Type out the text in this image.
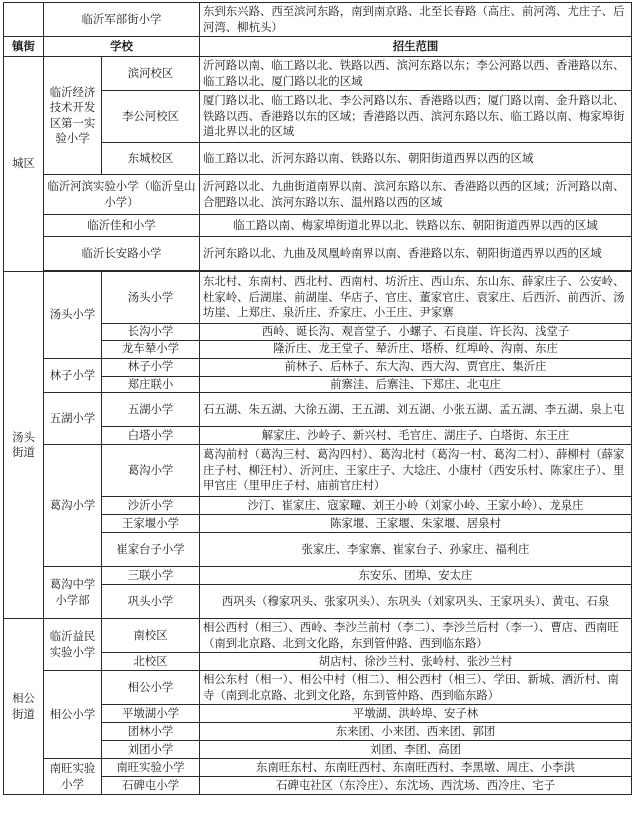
	临沂军部街小学		东到东兴路、西至滨河东路，南到南京路、北至长春路（高庄、前河湾、尤庄子、后河湾、柳杭头）
镇街	学校		招生范围
城区	临沂经济技术开发区第一实验小学	滨河校区	沂河路以南、临工路以北、铁路以西、滨河东路以东；李公河路以西、香港路以东、临工路以北、厦门路以北的区域
		李公河校区	厦门路以北、临工路以北、李公河路以东、香港路以西；厦门路以南、金升路以北、铁路以西、香港路以东的区域；香港路以西、滨河东路以东、临工路以南、梅家埠街道北界以北的区域
		东城校区	临工路以北、沂河东路以南、铁路以东、朝阳街道西界以西的区域
	临沂河滨实验小学（临沂皇山小学）		沂河路以北、九曲街道南界以南、滨河东路以东、香港路以西的区域；沂河路以南、合肥路以北、滨河东路以东、温州路以西的区域
	临沂佳和小学		临工路以南、梅家埠街道北界以北、铁路以东、朝阳街道西界以西的区域
	临沂长安路小学		沂河东路以北、九曲及凤凰岭南界以南、香港路以东、朝阳街道西界以西的区域

汤头街道	汤头小学	汤头小学	东北村、东南村、西北村、西南村、坊沂庄、西山东、东山东、薛家庄子、公安岭、杜家岭、后湖崖、前湖崖、华店子、官庄、董家官庄、袁家庄、后西沂、前西沂、汤坊崖、上郑庄、泉沂庄、乔家庄、小王庄、尹家寨
		长沟小学	西岭、诞长沟、观音堂子、小螺子、石良崖、许长沟、浅堂子
		龙车辇小学	隆沂庄、龙王堂子、辇沂庄、塔桥、红埠岭、沟南、东庄
	林子小学	林子小学	前林子、后林子、东大沟、西大沟、贾官庄、集沂庄
		郑庄联小	前寨洼、后寨洼、下郑庄、北屯庄
	五湖小学	五湖小学	石五湖、朱五湖、大徐五湖、王五湖、刘五湖、小张五湖、孟五湖、李五湖、泉上屯
		白塔小学	解家庄、沙岭子、新兴村、毛官庄、湖庄子、白塔街、东王庄
	葛沟小学	葛沟小学	葛沟前村（葛沟三村、葛沟四村）、葛沟北村（葛沟一村、葛沟二村）、薛柳村（薛家庄子村、柳汪村）、沂河庄、王家庄子、大埝庄、小康村（西安乐村、陈家庄子）、里甲官庄（里甲庄子村、庙前官庄村）
		沙沂小学	沙汀、崔家庄、寇家疃、刘王小岭（刘家小岭、王家小岭）、龙泉庄
		王家堰小学	陈家堰、王家堰、朱家堰、居泉村
		崔家台子小学	张家庄、李家寨、崔家台子、孙家庄、福利庄
	葛沟中学小学部	三联小学	东安乐、团埠、安太庄
		巩头小学	西巩头（穆家巩头、张家巩头）、东巩头（刘家巩头、王家巩头）、黄屯、石泉
相公街道	临沂益民实验小学	南校区	相公西村（相三）、西岭、李沙兰前村（李二）、李沙兰后村（李一）、曹店、西南旺（南到北京路、北到文化路，东到管仲路、西到临东路）
		北校区	胡店村、徐沙兰村、张岭村、张沙兰村
	相公小学	相公小学	相公东村（相一）、相公中村（相二）、相公西村（相三）、学田、新城、酒沂村、南寺（南到北京路、北到文化路，东到管仲路、西到临东路）
		平墩湖小学	平墩湖、洪岭埠、安子林
		团林小学	东来团、小来团、西来团、郭团
		刘团小学	刘团、李团、高团
	南旺实验小学	南旺实验小学	东南旺东村、东南旺西村、东南旺西村、李黑墩、周庄、小李洪
		石碑屯小学	石碑屯社区（东冷庄）、东沈场、西沈场、西冷庄、宅子
